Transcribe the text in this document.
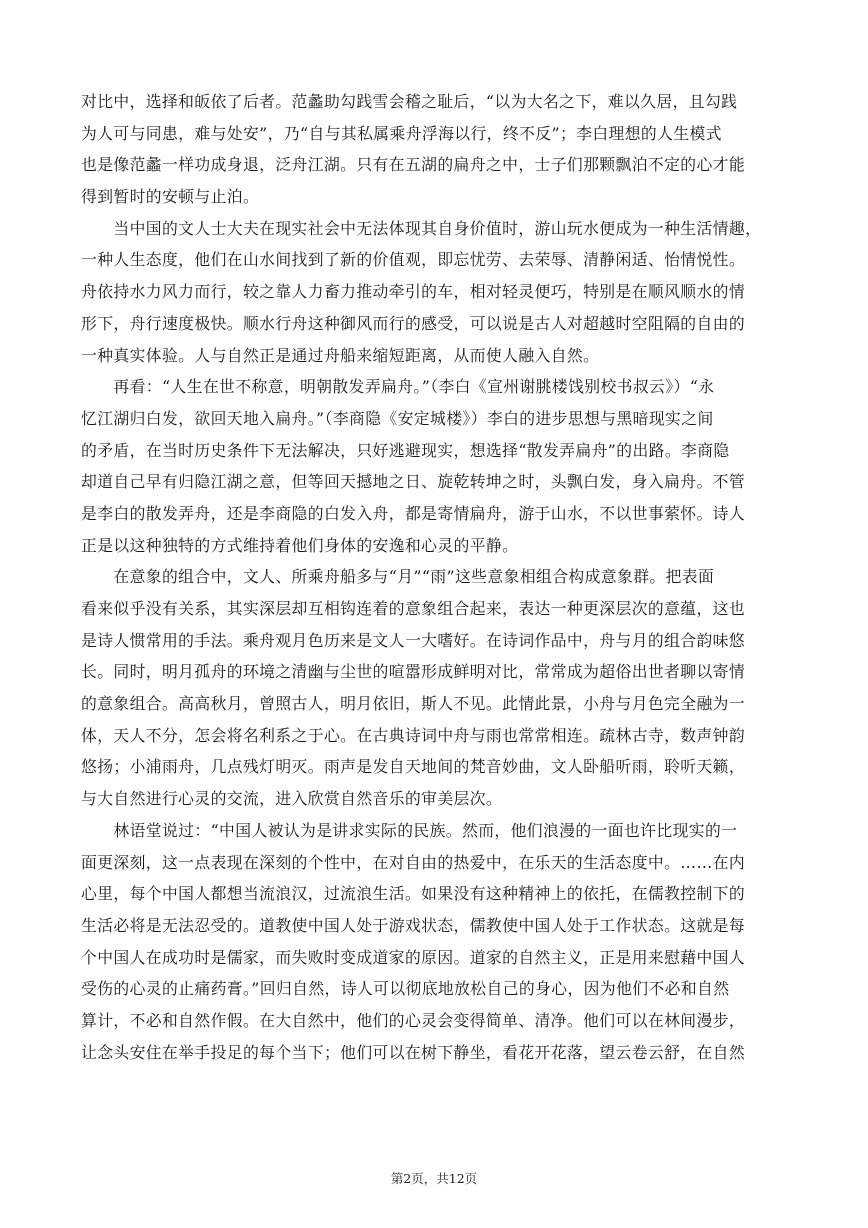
对比中，选择和皈依了后者。范蠡助勾践雪会稽之耻后，“以为大名之下，难以久居，且勾践
为人可与同患，难与处安”，乃“自与其私属乘舟浮海以行，终不反”；李白理想的人生模式
也是像范蠡一样功成身退，泛舟江湖。只有在五湖的扁舟之中，士子们那颗飘泊不定的心才能
得到暂时的安顿与止泊。
　　当中国的文人士大夫在现实社会中无法体现其自身价值时，游山玩水便成为一种生活情趣，
一种人生态度，他们在山水间找到了新的价值观，即忘忧劳、去荣辱、清静闲适、怡情悦性。
舟依持水力风力而行，较之靠人力畜力推动牵引的车，相对轻灵便巧，特别是在顺风顺水的情
形下，舟行速度极快。顺水行舟这种御风而行的感受，可以说是古人对超越时空阻隔的自由的
一种真实体验。人与自然正是通过舟船来缩短距离，从而使人融入自然。
　　再看：“人生在世不称意，明朝散发弄扁舟。”（李白《宣州谢朓楼饯别校书叔云》）“永
忆江湖归白发，欲回天地入扁舟。”（李商隐《安定城楼》）李白的进步思想与黑暗现实之间
的矛盾，在当时历史条件下无法解决，只好逃避现实，想选择“散发弄扁舟”的出路。李商隐
却道自己早有归隐江湖之意，但等回天撼地之日、旋乾转坤之时，头飘白发，身入扁舟。不管
是李白的散发弄舟，还是李商隐的白发入舟，都是寄情扁舟，游于山水，不以世事萦怀。诗人
正是以这种独特的方式维持着他们身体的安逸和心灵的平静。
　　在意象的组合中，文人、所乘舟船多与“月”“雨”这些意象相组合构成意象群。把表面
看来似乎没有关系，其实深层却互相钩连着的意象组合起来，表达一种更深层次的意蕴，这也
是诗人惯常用的手法。乘舟观月色历来是文人一大嗜好。在诗词作品中，舟与月的组合韵味悠
长。同时，明月孤舟的环境之清幽与尘世的喧嚣形成鲜明对比，常常成为超俗出世者聊以寄情
的意象组合。高高秋月，曾照古人，明月依旧，斯人不见。此情此景，小舟与月色完全融为一
体，天人不分，怎会将名利系之于心。在古典诗词中舟与雨也常常相连。疏林古寺，数声钟韵
悠扬；小浦雨舟，几点残灯明灭。雨声是发自天地间的梵音妙曲，文人卧船听雨，聆听天籁，
与大自然进行心灵的交流，进入欣赏自然音乐的审美层次。
　　林语堂说过：“中国人被认为是讲求实际的民族。然而，他们浪漫的一面也许比现实的一
面更深刻，这一点表现在深刻的个性中，在对自由的热爱中，在乐天的生活态度中。……在内
心里，每个中国人都想当流浪汉，过流浪生活。如果没有这种精神上的依托，在儒教控制下的
生活必将是无法忍受的。道教使中国人处于游戏状态，儒教使中国人处于工作状态。这就是每
个中国人在成功时是儒家，而失败时变成道家的原因。道家的自然主义，正是用来慰藉中国人
受伤的心灵的止痛药膏。”回归自然，诗人可以彻底地放松自己的身心，因为他们不必和自然
算计，不必和自然作假。在大自然中，他们的心灵会变得简单、清净。他们可以在林间漫步，
让念头安住在举手投足的每个当下；他们可以在树下静坐，看花开花落，望云卷云舒，在自然
第2页，共12页
